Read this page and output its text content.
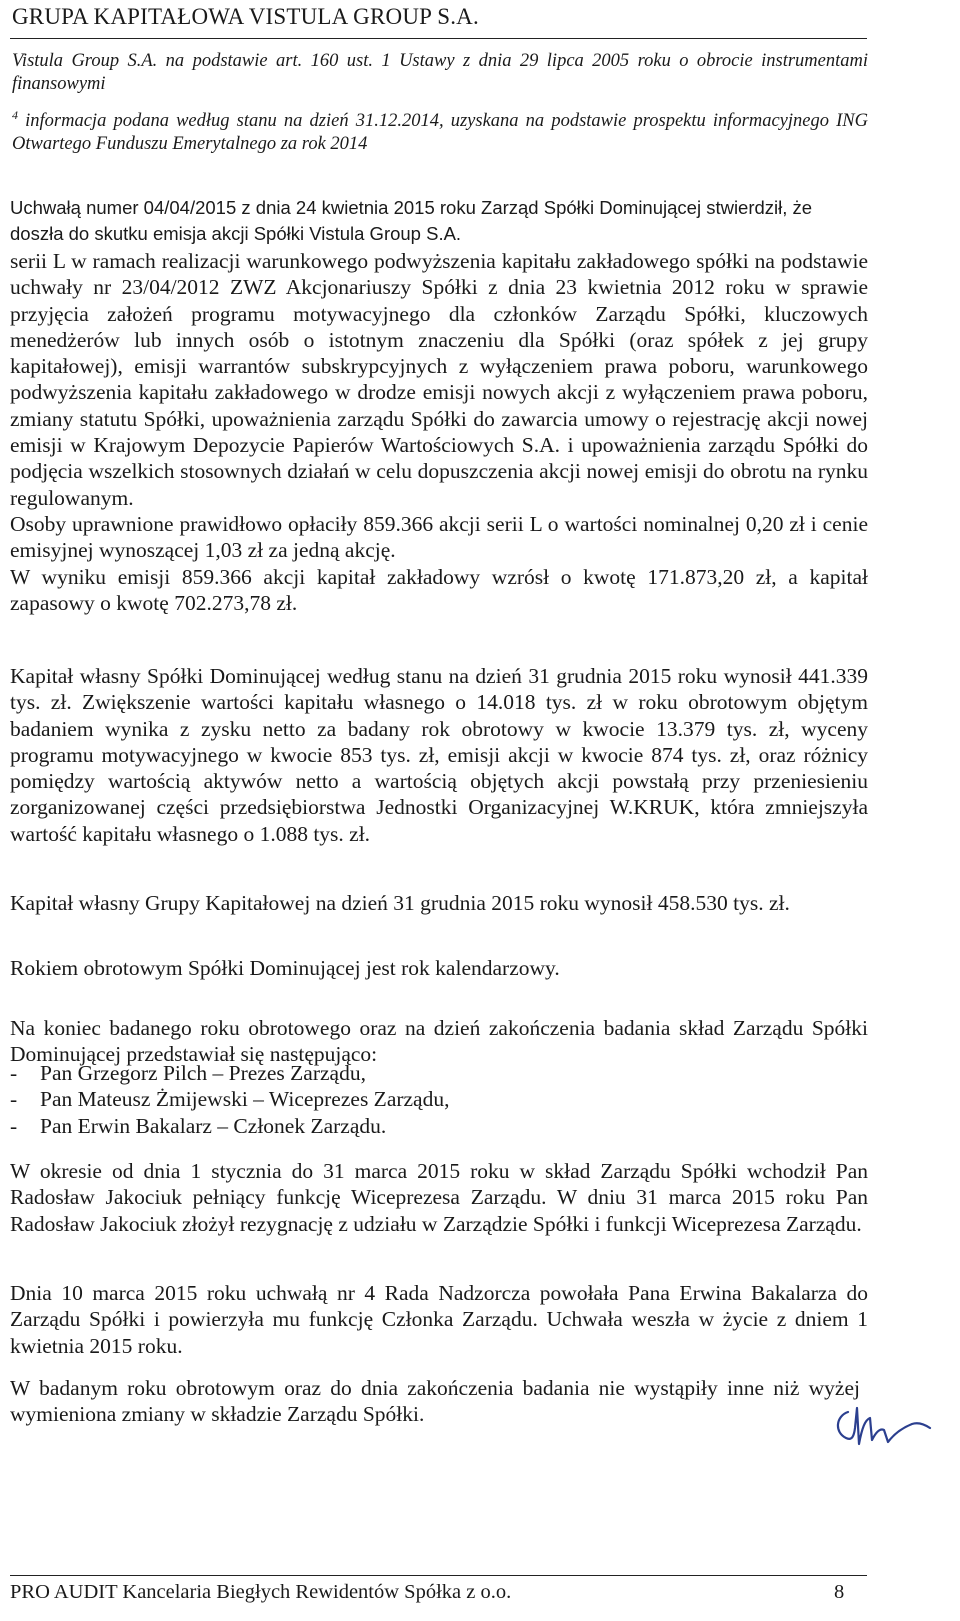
GRUPA KAPITAŁOWA VISTULA GROUP S.A.
Vistula Group S.A. na podstawie art. 160 ust. 1 Ustawy z dnia 29 lipca 2005 roku o obrocie instrumentami finansowymi
$^4$ informacja podana według stanu na dzień 31.12.2014, uzyskana na podstawie prospektu informacyjnego ING Otwartego Funduszu Emerytalnego za rok 2014
Uchwałą numer 04/04/2015 z dnia 24 kwietnia 2015 roku Zarząd Spółki Dominującej stwierdził, że doszła do skutku emisja akcji Spółki Vistula Group S.A.

serii L w ramach realizacji warunkowego podwyższenia kapitału zakładowego spółki na podstawie uchwały nr 23/04/2012 ZWZ Akcjonariuszy Spółki z dnia 23 kwietnia 2012 roku w sprawie przyjęcia założeń programu motywacyjnego dla członków Zarządu Spółki, kluczowych menedżerów lub innych osób o istotnym znaczeniu dla Spółki (oraz spółek z jej grupy kapitałowej), emisji warrantów subskrypcyjnych z wyłączeniem prawa poboru, warunkowego podwyższenia kapitału zakładowego w drodze emisji nowych akcji z wyłączeniem prawa poboru, zmiany statutu Spółki, upoważnienia zarządu Spółki do zawarcia umowy o rejestrację akcji nowej emisji w Krajowym Depozycie Papierów Wartościowych S.A. i upoważnienia zarządu Spółki do podjęcia wszelkich stosownych działań w celu dopuszczenia akcji nowej emisji do obrotu na rynku regulowanym.

Osoby uprawnione prawidłowo opłaciły 859.366 akcji serii L o wartości nominalnej 0,20 zł i cenie emisyjnej wynoszącej 1,03 zł za jedną akcję.

W wyniku emisji 859.366 akcji kapitał zakładowy wzrósł o kwotę 171.873,20 zł, a kapitał zapasowy o kwotę 702.273,78 zł.

Kapitał własny Spółki Dominującej według stanu na dzień 31 grudnia 2015 roku wynosił 441.339 tys. zł. Zwiększenie wartości kapitału własnego o 14.018 tys. zł w roku obrotowym objętym badaniem wynika z zysku netto za badany rok obrotowy w kwocie 13.379 tys. zł, wyceny programu motywacyjnego w kwocie 853 tys. zł, emisji akcji w kwocie 874 tys. zł, oraz różnicy pomiędzy wartością aktywów netto a wartością objętych akcji powstałą przy przeniesieniu zorganizowanej części przedsiębiorstwa Jednostki Organizacyjnej W.KRUK, która zmniejszyła wartość kapitału własnego o 1.088 tys. zł.

Kapitał własny Grupy Kapitałowej na dzień 31 grudnia 2015 roku wynosił 458.530 tys. zł.

Rokiem obrotowym Spółki Dominującej jest rok kalendarzowy.

Na koniec badanego roku obrotowego oraz na dzień zakończenia badania skład Zarządu Spółki Dominującej przedstawiał się następująco:

-	Pan Grzegorz Pilch – Prezes Zarządu,
-	Pan Mateusz Żmijewski – Wiceprezes Zarządu,
-	Pan Erwin Bakalarz – Członek Zarządu.

W okresie od dnia 1 stycznia do 31 marca 2015 roku w skład Zarządu Spółki wchodził Pan Radosław Jakociuk pełniący funkcję Wiceprezesa Zarządu. W dniu 31 marca 2015 roku Pan Radosław Jakociuk złożył rezygnację z udziału w Zarządzie Spółki i funkcji Wiceprezesa Zarządu.

Dnia 10 marca 2015 roku uchwałą nr 4 Rada Nadzorcza powołała Pana Erwina Bakalarza do Zarządu Spółki i powierzyła mu funkcję Członka Zarządu. Uchwała weszła w życie z dniem 1 kwietnia 2015 roku.

W badanym roku obrotowym oraz do dnia zakończenia badania nie wystąpiły inne niż wyżej wymieniona zmiany w składzie Zarządu Spółki.

PRO AUDIT Kancelaria Biegłych Rewidentów Spółka z o.o.	8
